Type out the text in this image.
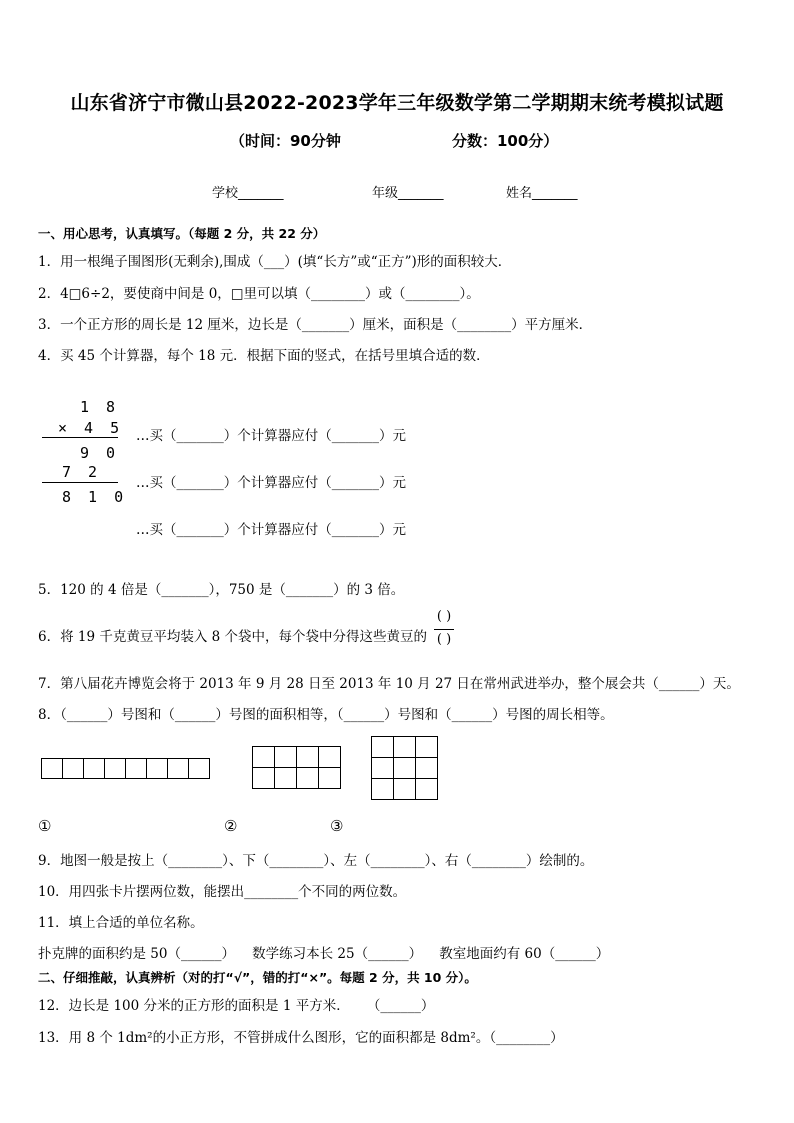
山东省济宁市微山县2022-2023学年三年级数学第二学期期末统考模拟试题
（时间：90分钟	分数：100分）
学校_______	年级_______	姓名_______
一、用心思考，认真填写。（每题 2 分，共 22 分）
1．用一根绳子围图形(无剩余),围成（___）(填“长方”或“正方”)形的面积较大．
2．4□6÷2，要使商中间是 0，□里可以填（________）或（________）。
3．一个正方形的周长是 12 厘米，边长是（_______）厘米，面积是（________）平方厘米．
4．买 45 个计算器，每个 18 元．根据下面的竖式，在括号里填合适的数．
1 8
× 4 5
9 0
7 2
8 1 0
…买（_______）个计算器应付（_______）元
…买（_______）个计算器应付（_______）元
…买（_______）个计算器应付（_______）元
5．120 的 4 倍是（_______），750 是（_______）的 3 倍。
6．将 19 千克黄豆平均装入 8 个袋中，每个袋中分得这些黄豆的
( )
( )
7．第八届花卉博览会将于 2013 年 9 月 28 日至 2013 年 10 月 27 日在常州武进举办，整个展会共（______）天。
8．（______）号图和（______）号图的面积相等，（______）号图和（______）号图的周长相等。

①	②	③
9．地图一般是按上（________）、下（________）、左（________）、右（________）绘制的。
10．用四张卡片摆两位数，能摆出________个不同的两位数。
11．填上合适的单位名称。
扑克牌的面积约是 50（______）    数学练习本长 25（______）    教室地面约有 60（______）
二、仔细推敲，认真辨析（对的打“√”，错的打“×”。每题 2 分，共 10 分）。
12．边长是 100 分米的正方形的面积是 1 平方米．    （______）
13．用 8 个 1dm²的小正方形，不管拼成什么图形，它的面积都是 8dm²。（________）
